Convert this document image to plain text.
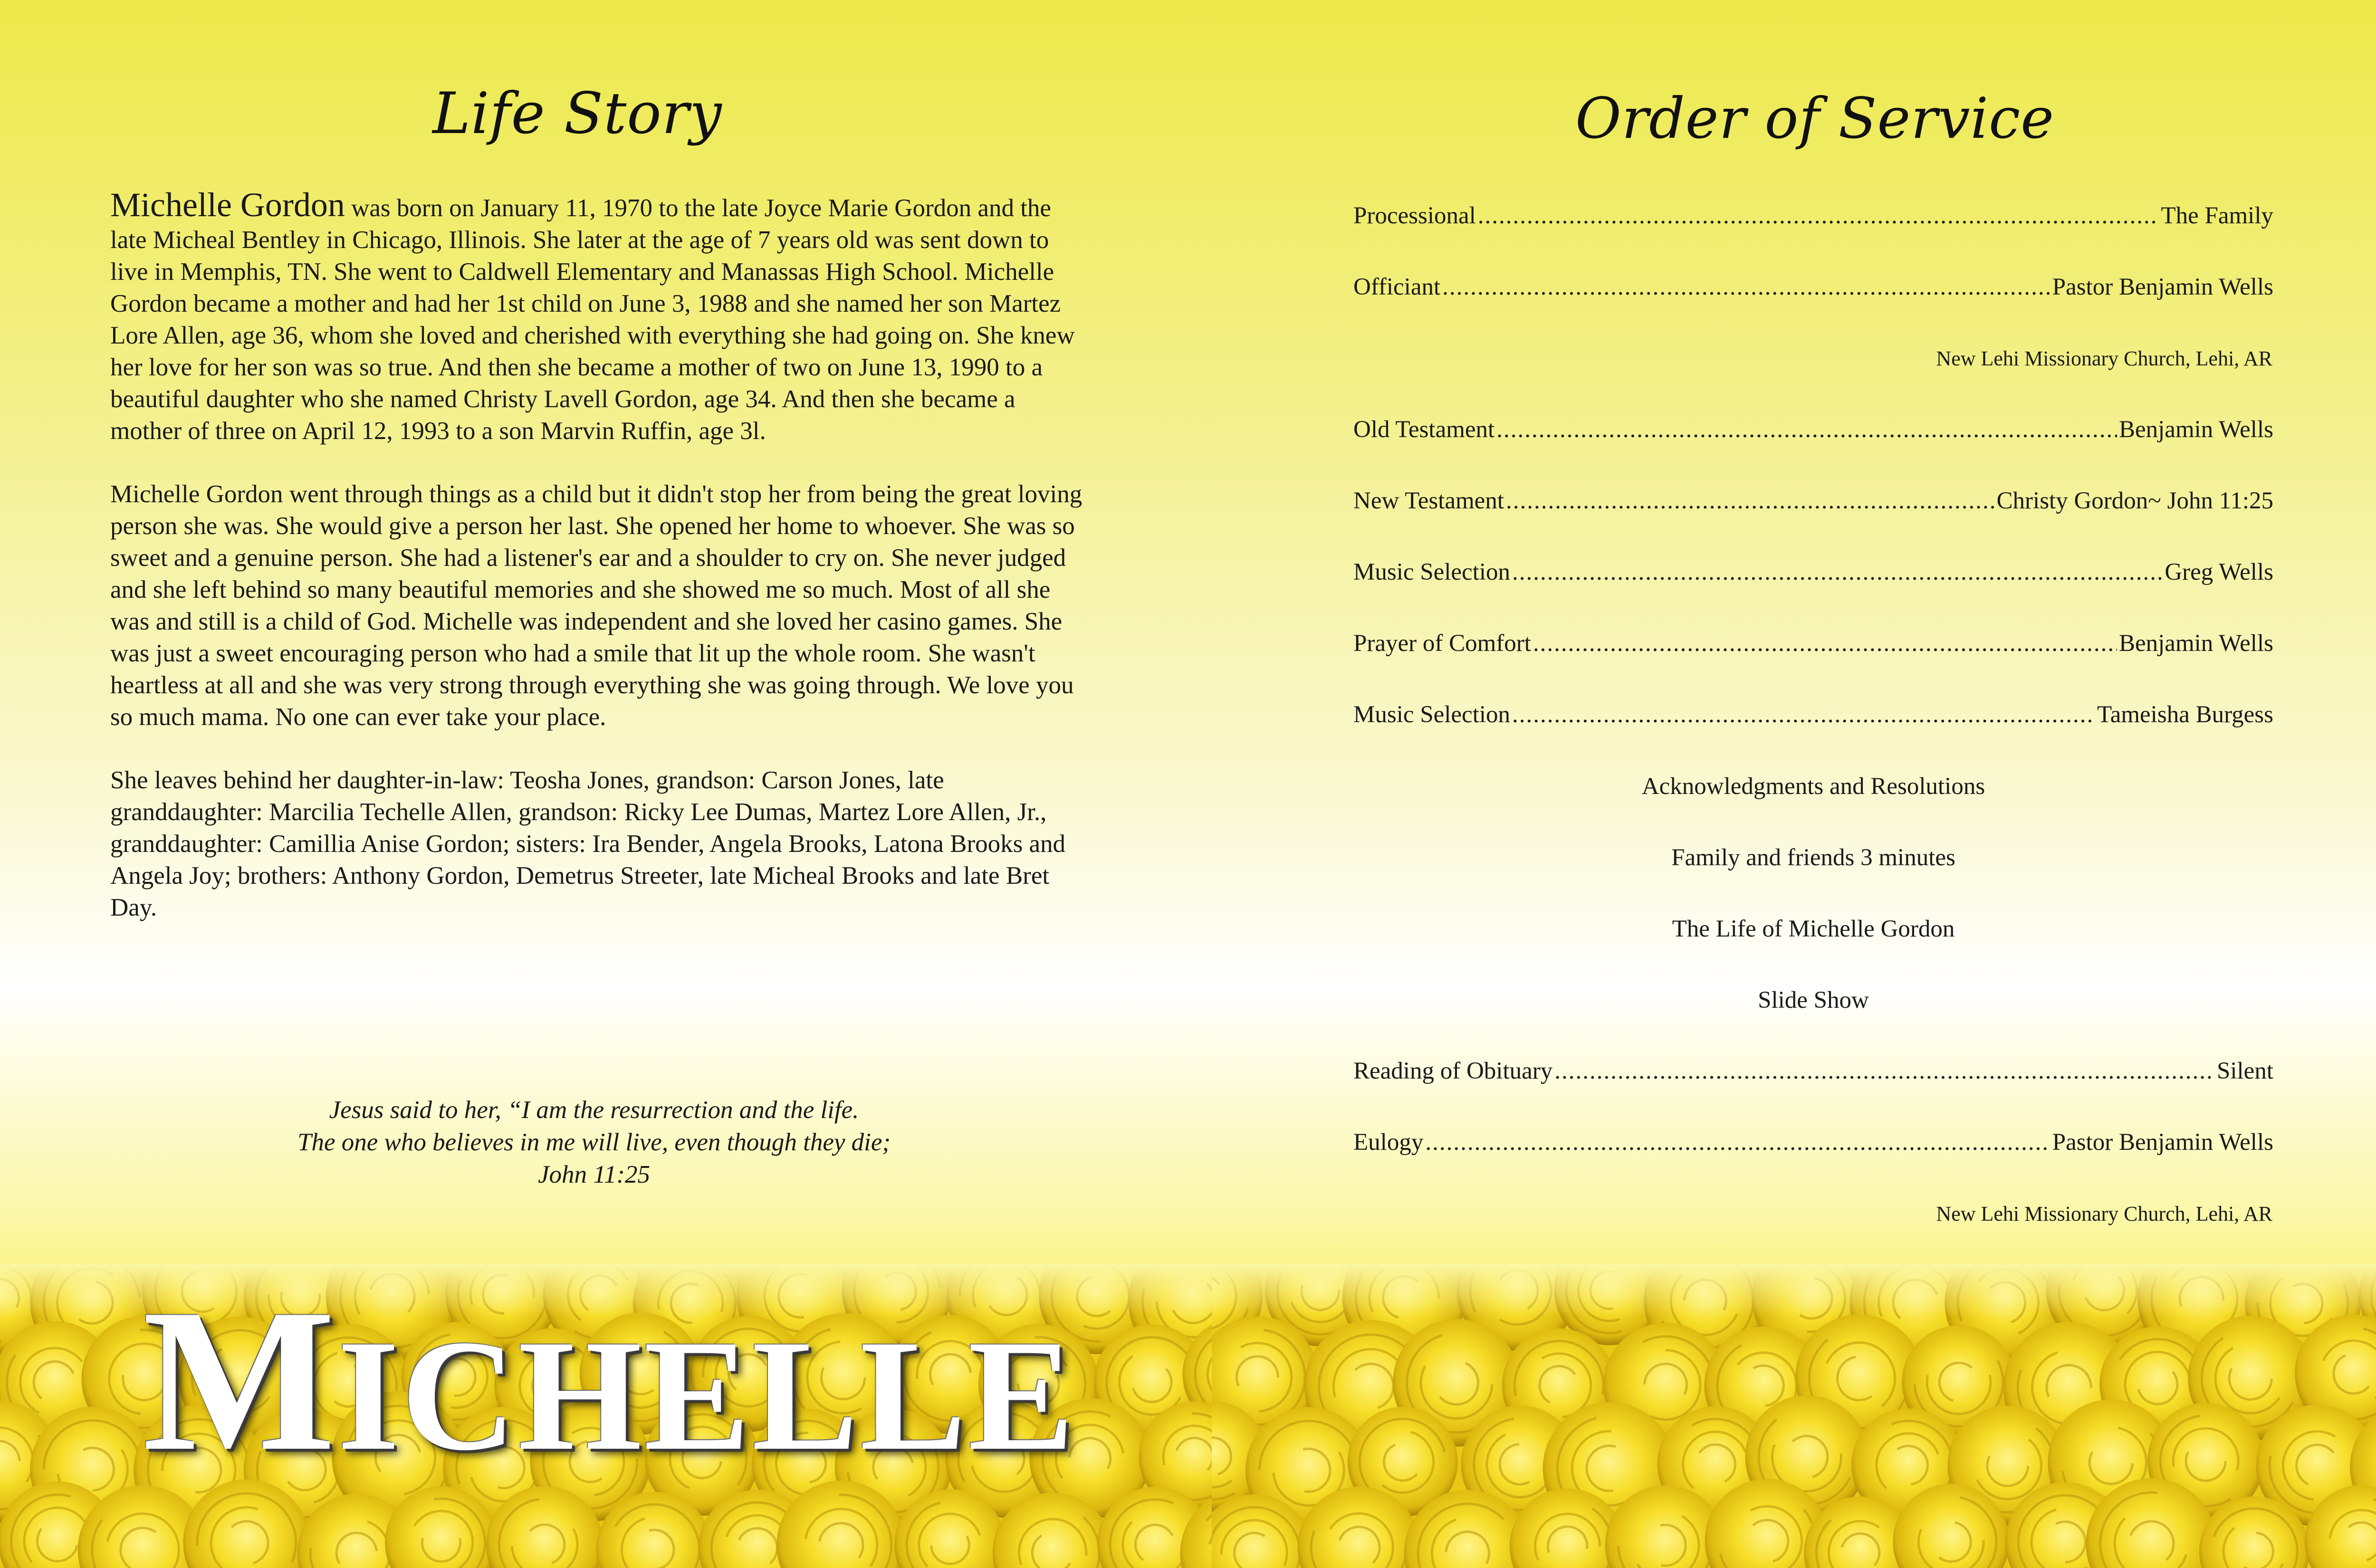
Life Story

Michelle Gordon was born on January 11, 1970 to the late Joyce Marie Gordon and the late Micheal Bentley in Chicago, Illinois. She later at the age of 7 years old was sent down to live in Memphis, TN. She went to Caldwell Elementary and Manassas High School. Michelle Gordon became a mother and had her 1st child on June 3, 1988 and she named her son Martez Lore Allen, age 36, whom she loved and cherished with everything she had going on. She knew her love for her son was so true. And then she became a mother of two on June 13, 1990 to a beautiful daughter who she named Christy Lavell Gordon, age 34. And then she became a mother of three on April 12, 1993 to a son Marvin Ruffin, age 3l.

Michelle Gordon went through things as a child but it didn't stop her from being the great loving person she was. She would give a person her last. She opened her home to whoever. She was so sweet and a genuine person. She had a listener's ear and a shoulder to cry on. She never judged and she left behind so many beautiful memories and she showed me so much. Most of all she was and still is a child of God. Michelle was independent and she loved her casino games. She was just a sweet encouraging person who had a smile that lit up the whole room. She wasn't heartless at all and she was very strong through everything she was going through. We love you so much mama. No one can ever take your place.

She leaves behind her daughter-in-law: Teosha Jones, grandson: Carson Jones, late granddaughter: Marcilia Techelle Allen, grandson: Ricky Lee Dumas, Martez Lore Allen, Jr., granddaughter: Camillia Anise Gordon; sisters: Ira Bender, Angela Brooks, Latona Brooks and Angela Joy; brothers: Anthony Gordon, Demetrus Streeter, late Micheal Brooks and late Bret Day.

Jesus said to her, “I am the resurrection and the life.
The one who believes in me will live, even though they die;
John 11:25
MICHELLE
Order of Service
Processional .....	The Family
Officiant .....	Pastor Benjamin Wells
New Lehi Missionary Church, Lehi, AR
Old Testament .....	Benjamin Wells
New Testament .....	Christy Gordon~ John 11:25
Music Selection .....	Greg Wells
Prayer of Comfort .....	Benjamin Wells
Music Selection .....	Tameisha Burgess
Acknowledgments and Resolutions
Family and friends 3 minutes
The Life of Michelle Gordon
Slide Show
Reading of Obituary .....	Silent
Eulogy .....	Pastor Benjamin Wells
New Lehi Missionary Church, Lehi, AR
